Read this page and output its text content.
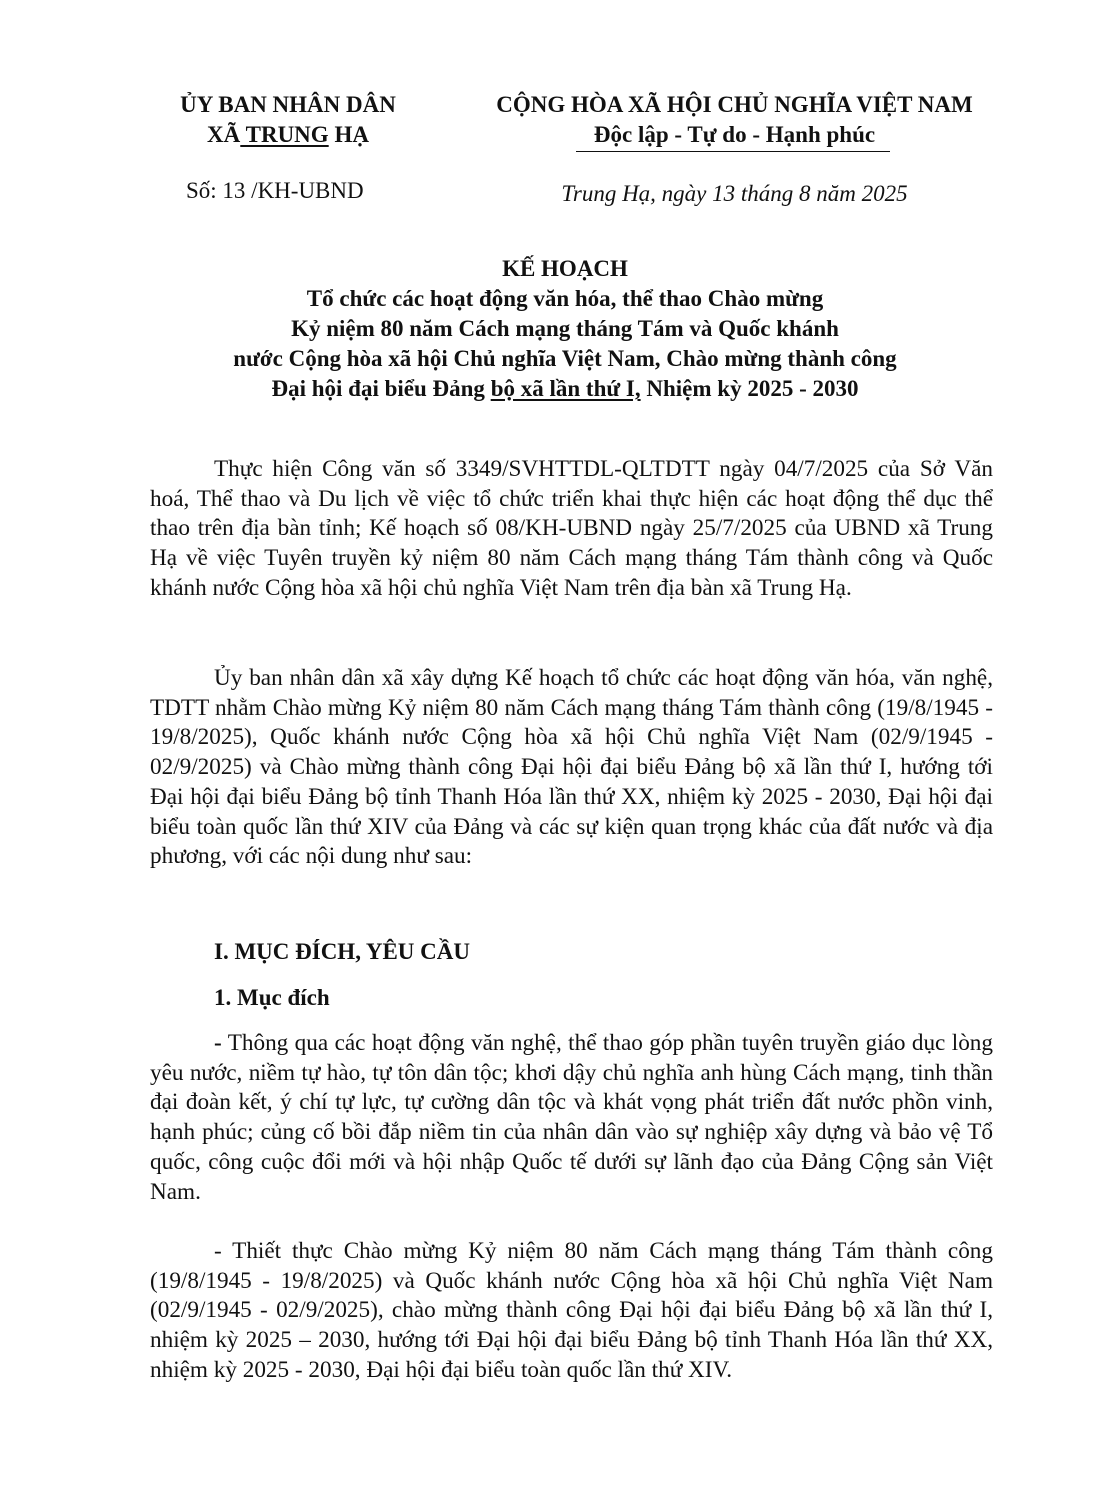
ỦY BAN NHÂN DÂN
XÃ TRUNG HẠ
Số: 13 /KH-UBND
CỘNG HÒA XÃ HỘI CHỦ NGHĨA VIỆT NAM
Độc lập - Tự do - Hạnh phúc
Trung Hạ, ngày 13 tháng 8 năm 2025
KẾ HOẠCH
Tổ chức các hoạt động văn hóa, thể thao Chào mừng
Kỷ niệm 80 năm Cách mạng tháng Tám và Quốc khánh
nước Cộng hòa xã hội Chủ nghĩa Việt Nam, Chào mừng thành công
Đại hội đại biểu Đảng bộ xã lần thứ I, Nhiệm kỳ 2025 - 2030

Thực hiện Công văn số 3349/SVHTTDL-QLTDTT ngày 04/7/2025 của Sở Văn hoá, Thể thao và Du lịch về việc tổ chức triển khai thực hiện các hoạt động thể dục thể thao trên địa bàn tỉnh; Kế hoạch số 08/KH-UBND ngày 25/7/2025 của UBND xã Trung Hạ về việc Tuyên truyền kỷ niệm 80 năm Cách mạng tháng Tám thành công và Quốc khánh nước Cộng hòa xã hội chủ nghĩa Việt Nam trên địa bàn xã Trung Hạ.

Ủy ban nhân dân xã xây dựng Kế hoạch tổ chức các hoạt động văn hóa, văn nghệ, TDTT nhằm Chào mừng Kỷ niệm 80 năm Cách mạng tháng Tám thành công (19/8/1945 - 19/8/2025), Quốc khánh nước Cộng hòa xã hội Chủ nghĩa Việt Nam (02/9/1945 - 02/9/2025) và Chào mừng thành công Đại hội đại biểu Đảng bộ xã lần thứ I, hướng tới Đại hội đại biểu Đảng bộ tỉnh Thanh Hóa lần thứ XX, nhiệm kỳ 2025 - 2030, Đại hội đại biểu toàn quốc lần thứ XIV của Đảng và các sự kiện quan trọng khác của đất nước và địa phương, với các nội dung như sau:

I. MỤC ĐÍCH, YÊU CẦU
1. Mục đích

- Thông qua các hoạt động văn nghệ, thể thao góp phần tuyên truyền giáo dục lòng yêu nước, niềm tự hào, tự tôn dân tộc; khơi dậy chủ nghĩa anh hùng Cách mạng, tinh thần đại đoàn kết, ý chí tự lực, tự cường dân tộc và khát vọng phát triển đất nước phồn vinh, hạnh phúc; củng cố bồi đắp niềm tin của nhân dân vào sự nghiệp xây dựng và bảo vệ Tổ quốc, công cuộc đổi mới và hội nhập Quốc tế dưới sự lãnh đạo của Đảng Cộng sản Việt Nam.

- Thiết thực Chào mừng Kỷ niệm 80 năm Cách mạng tháng Tám thành công (19/8/1945 - 19/8/2025) và Quốc khánh nước Cộng hòa xã hội Chủ nghĩa Việt Nam (02/9/1945 - 02/9/2025), chào mừng thành công Đại hội đại biểu Đảng bộ xã lần thứ I, nhiệm kỳ 2025 – 2030, hướng tới Đại hội đại biểu Đảng bộ tỉnh Thanh Hóa lần thứ XX, nhiệm kỳ 2025 - 2030, Đại hội đại biểu toàn quốc lần thứ XIV.
